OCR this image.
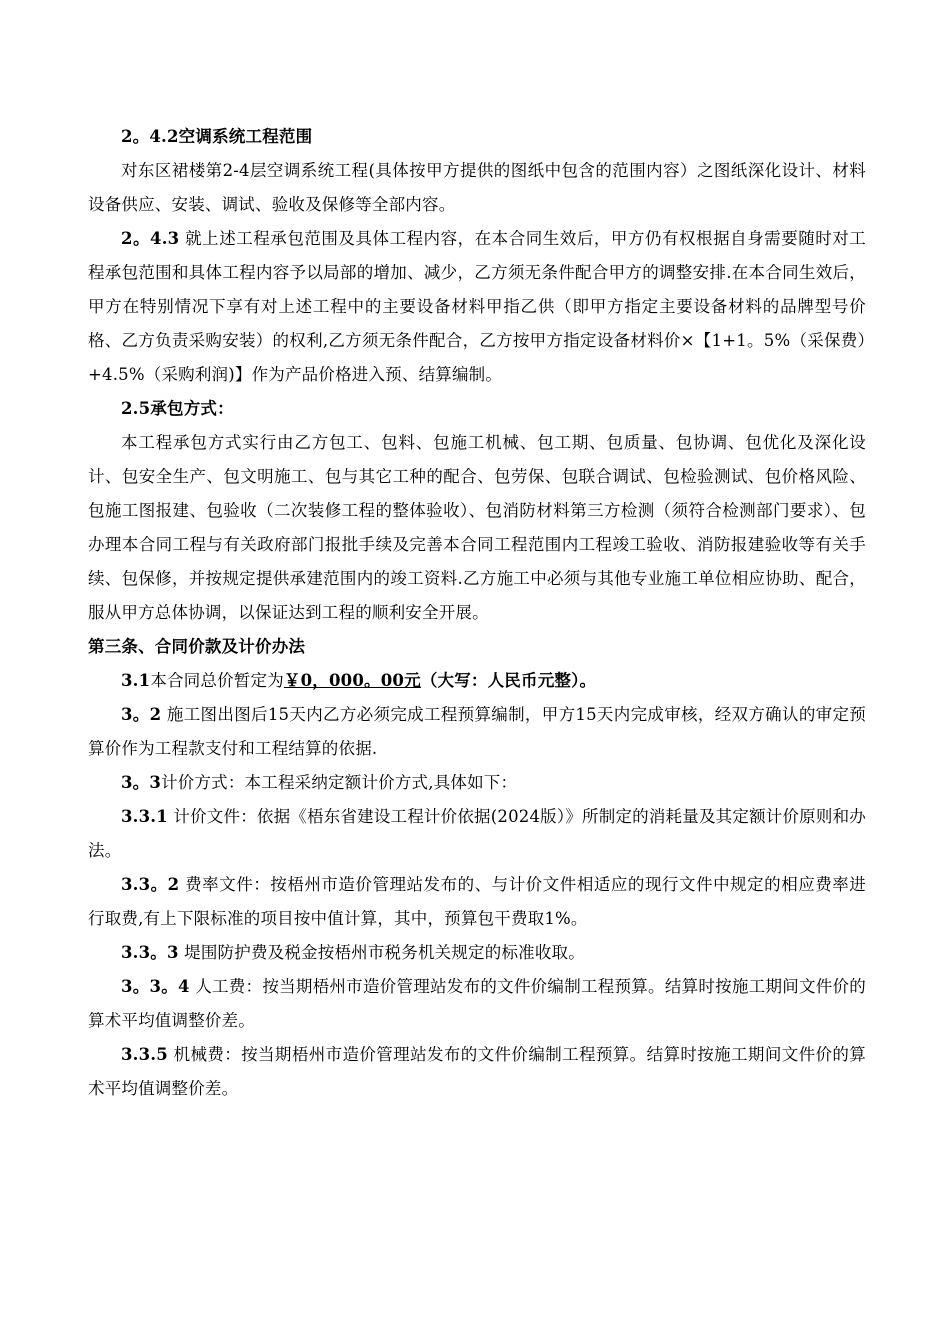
2。4.2空调系统工程范围

对东区裙楼第2-4层空调系统工程(具体按甲方提供的图纸中包含的范围内容）之图纸深化设计、材料设备供应、安装、调试、验收及保修等全部内容。

2。4.3 就上述工程承包范围及具体工程内容，在本合同生效后，甲方仍有权根据自身需要随时对工程承包范围和具体工程内容予以局部的增加、减少，乙方须无条件配合甲方的调整安排.在本合同生效后，甲方在特别情况下享有对上述工程中的主要设备材料甲指乙供（即甲方指定主要设备材料的品牌型号价格、乙方负责采购安装）的权利,乙方须无条件配合，乙方按甲方指定设备材料价×【1+1。5%（采保费）+4.5%（采购利润)】作为产品价格进入预、结算编制。

2.5承包方式：

本工程承包方式实行由乙方包工、包料、包施工机械、包工期、包质量、包协调、包优化及深化设计、包安全生产、包文明施工、包与其它工种的配合、包劳保、包联合调试、包检验测试、包价格风险、包施工图报建、包验收（二次装修工程的整体验收）、包消防材料第三方检测（须符合检测部门要求）、包办理本合同工程与有关政府部门报批手续及完善本合同工程范围内工程竣工验收、消防报建验收等有关手续、包保修，并按规定提供承建范围内的竣工资料.乙方施工中必须与其他专业施工单位相应协助、配合，服从甲方总体协调，以保证达到工程的顺利安全开展。

第三条、合同价款及计价办法

3.1本合同总价暂定为￥0，000。00元（大写：人民币元整）。

3。2 施工图出图后15天内乙方必须完成工程预算编制，甲方15天内完成审核，经双方确认的审定预算价作为工程款支付和工程结算的依据.

3。3计价方式：本工程采纳定额计价方式,具体如下：

3.3.1 计价文件：依据《梧东省建设工程计价依据(2024版）》所制定的消耗量及其定额计价原则和办法。

3.3。2 费率文件：按梧州市造价管理站发布的、与计价文件相适应的现行文件中规定的相应费率进行取费,有上下限标准的项目按中值计算，其中，预算包干费取1%。

3.3。3 堤围防护费及税金按梧州市税务机关规定的标准收取。

3。3。4 人工费：按当期梧州市造价管理站发布的文件价编制工程预算。结算时按施工期间文件价的算术平均值调整价差。

3.3.5 机械费：按当期梧州市造价管理站发布的文件价编制工程预算。结算时按施工期间文件价的算术平均值调整价差。
